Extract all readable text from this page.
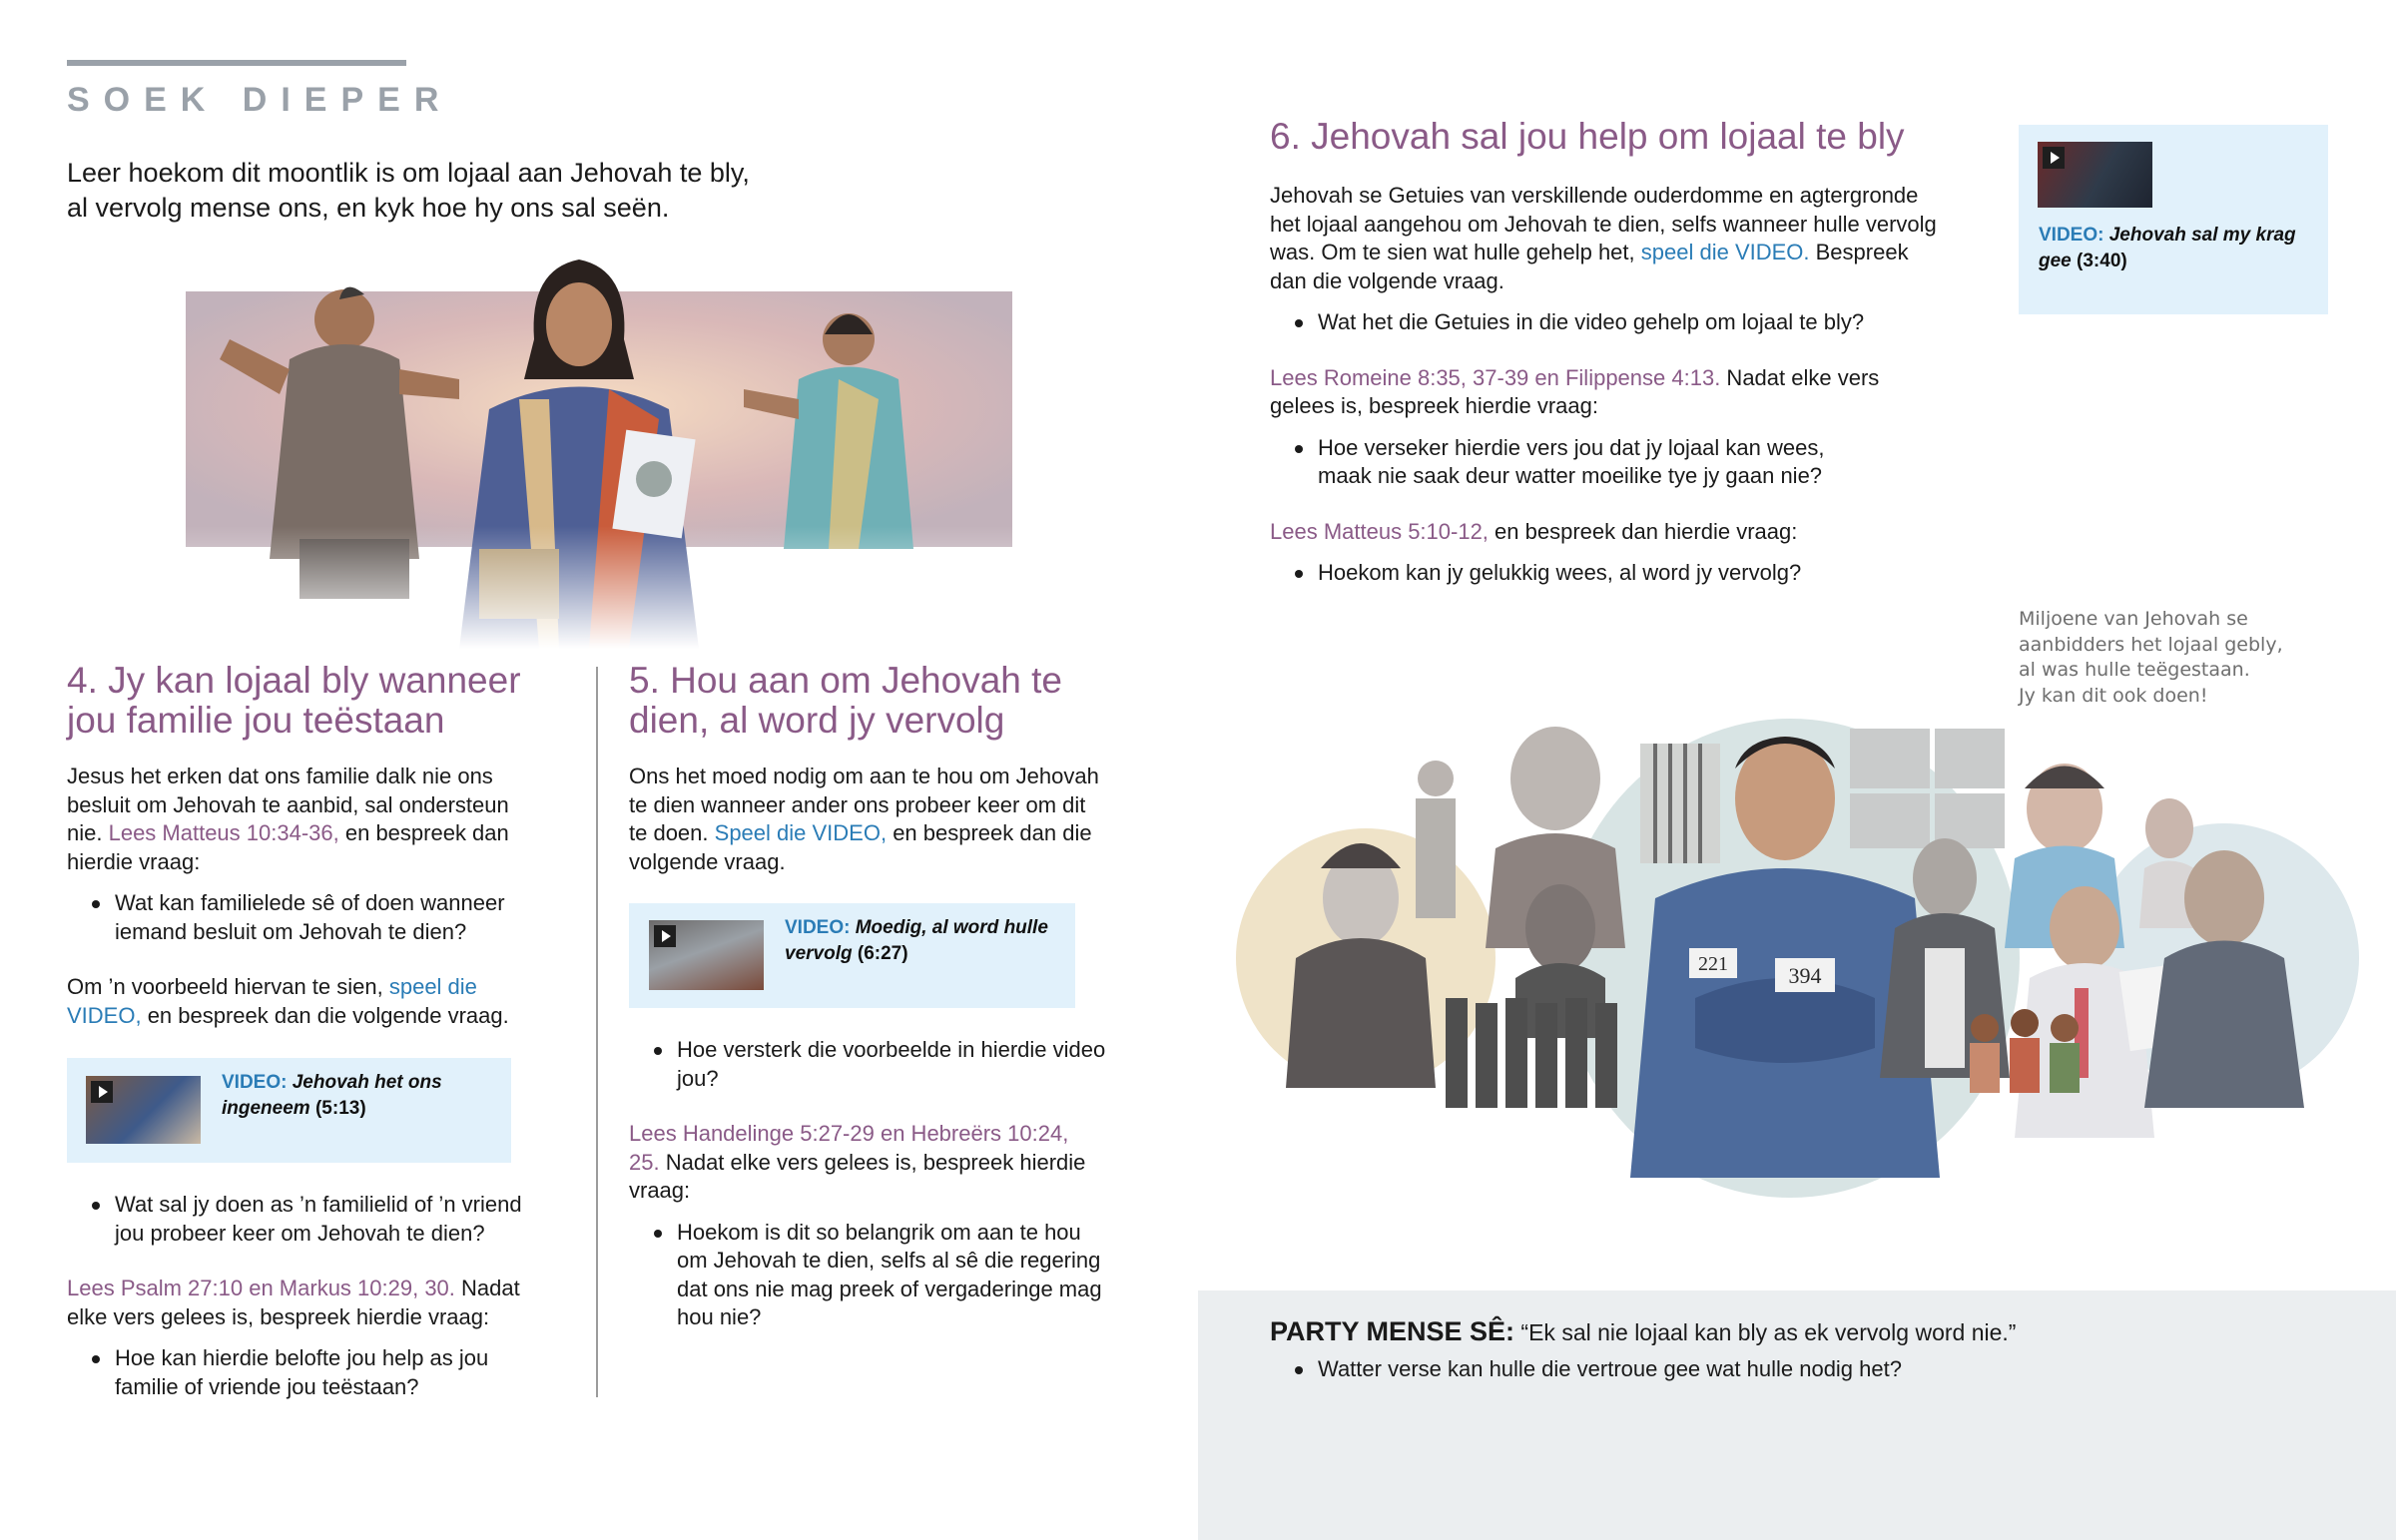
SOEK DIEPER
Leer hoekom dit moontlik is om lojaal aan Jehovah te bly,
al vervolg mense ons, en kyk hoe hy ons sal seën.
4. Jy kan lojaal bly wanneer
jou familie jou teëstaan
Jesus het erken dat ons familie dalk nie ons
besluit om Jehovah te aanbid, sal ondersteun
nie. Lees Matteus 10:34-36, en bespreek dan
hierdie vraag:
Wat kan familielede sê of doen wanneer
iemand besluit om Jehovah te dien?
Om ’n voorbeeld hiervan te sien, speel die
VIDEO, en bespreek dan die volgende vraag.
VIDEO: Jehovah het ons
ingeneem (5:13)
Wat sal jy doen as ’n familielid of ’n vriend
jou probeer keer om Jehovah te dien?
Lees Psalm 27:10 en Markus 10:29, 30. Nadat
elke vers gelees is, bespreek hierdie vraag:
Hoe kan hierdie belofte jou help as jou
familie of vriende jou teëstaan?
5. Hou aan om Jehovah te
dien, al word jy vervolg
Ons het moed nodig om aan te hou om Jehovah
te dien wanneer ander ons probeer keer om dit
te doen. Speel die VIDEO, en bespreek dan die
volgende vraag.
VIDEO: Moedig, al word hulle
vervolg (6:27)
Hoe versterk die voorbeelde in hierdie video
jou?
Lees Handelinge 5:27-29 en Hebreërs 10:24,
25. Nadat elke vers gelees is, bespreek hierdie
vraag:
Hoekom is dit so belangrik om aan te hou
om Jehovah te dien, selfs al sê die regering
dat ons nie mag preek of vergaderinge mag
hou nie?
6. Jehovah sal jou help om lojaal te bly
Jehovah se Getuies van verskillende ouderdomme en agtergronde
het lojaal aangehou om Jehovah te dien, selfs wanneer hulle vervolg
was. Om te sien wat hulle gehelp het, speel die VIDEO. Bespreek
dan die volgende vraag.
Wat het die Getuies in die video gehelp om lojaal te bly?
Lees Romeine 8:35, 37-39 en Filippense 4:13. Nadat elke vers
gelees is, bespreek hierdie vraag:
Hoe verseker hierdie vers jou dat jy lojaal kan wees,
maak nie saak deur watter moeilike tye jy gaan nie?
Lees Matteus 5:10-12, en bespreek dan hierdie vraag:
Hoekom kan jy gelukkig wees, al word jy vervolg?
VIDEO: Jehovah sal my krag
gee (3:40)
Miljoene van Jehovah se
aanbidders het lojaal gebly,
al was hulle teëgestaan.
Jy kan dit ook doen!
221	394
PARTY MENSE SÊ: “Ek sal nie lojaal kan bly as ek vervolg word nie.”
Watter verse kan hulle die vertroue gee wat hulle nodig het?
